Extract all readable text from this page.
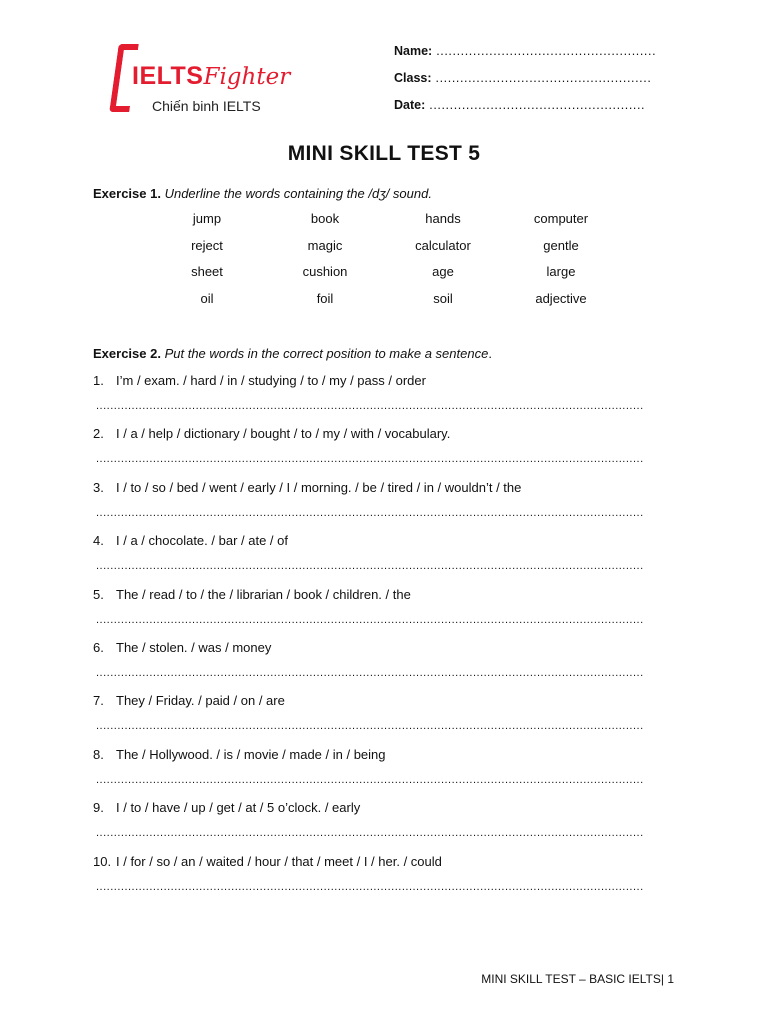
IELTSFighter
Chiến binh IELTS
Name: ......................................................
Class: .....................................................
Date: .....................................................
MINI SKILL TEST 5
Exercise 1. Underline the words containing the /dʒ/ sound.
jump	book	hands	computer
reject	magic	calculator	gentle
sheet	cushion	age	large
oil	foil	soil	adjective
Exercise 2. Put the words in the correct position to make a sentence.
1. I’m / exam. / hard / in / studying / to / my / pass / order
..........................................................................................................................................................
2. I / a / help / dictionary / bought / to / my / with / vocabulary.
..........................................................................................................................................................
3. I / to / so / bed / went / early / I / morning. / be / tired / in / wouldn’t / the
..........................................................................................................................................................
4. I / a / chocolate. / bar / ate / of
..........................................................................................................................................................
5. The / read / to / the / librarian / book / children. / the
..........................................................................................................................................................
6. The / stolen. / was / money
..........................................................................................................................................................
7. They / Friday. / paid / on / are
..........................................................................................................................................................
8. The / Hollywood. / is / movie / made / in / being
..........................................................................................................................................................
9. I / to / have / up / get / at / 5 o’clock. / early
..........................................................................................................................................................
10. I / for / so / an / waited / hour / that / meet / I / her. / could
..........................................................................................................................................................
MINI SKILL TEST – BASIC IELTS| 1
